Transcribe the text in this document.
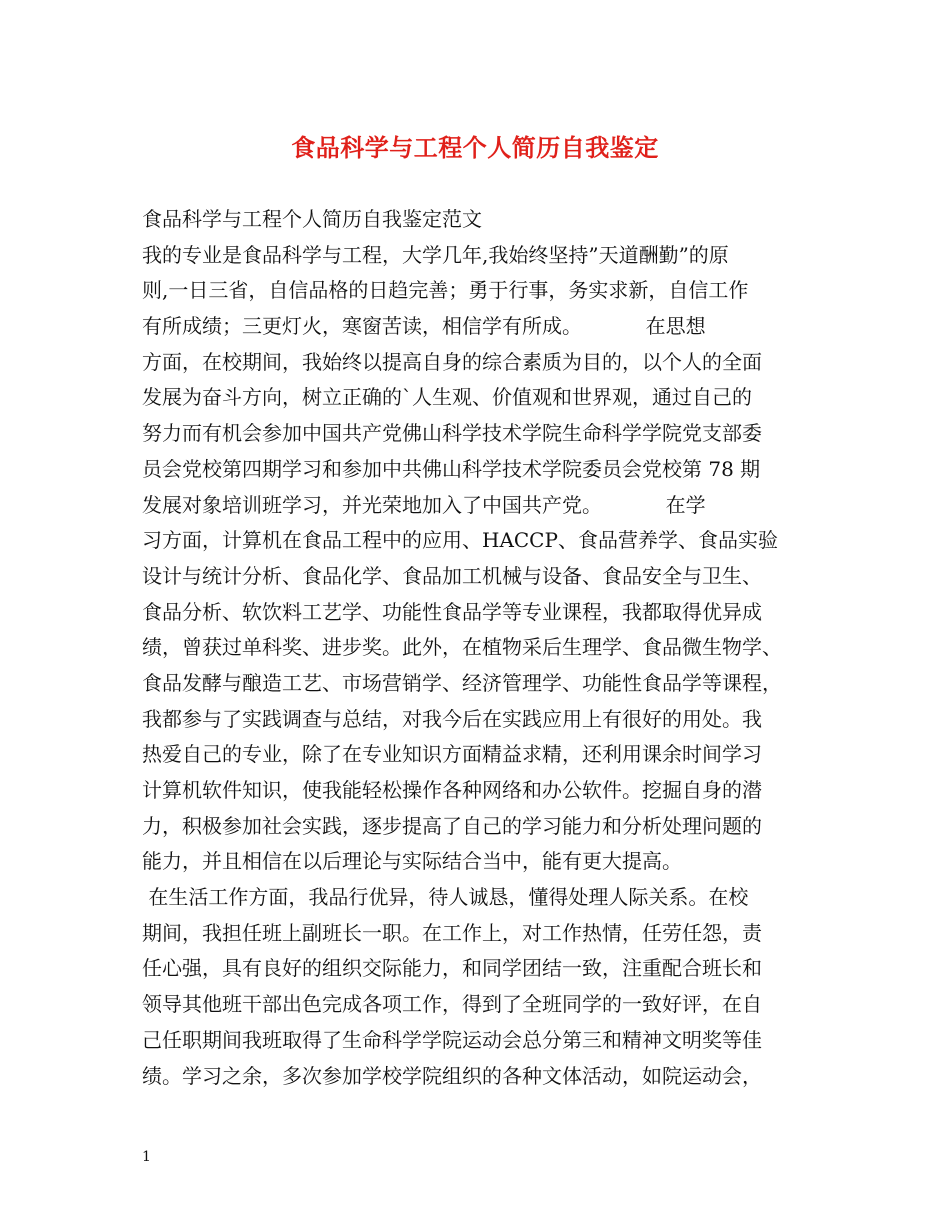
食品科学与工程个人简历自我鉴定
食品科学与工程个人简历自我鉴定范文
我的专业是食品科学与工程，大学几年,我始终坚持”天道酬勤”的原
则,一日三省，自信品格的日趋完善；勇于行事，务实求新，自信工作
有所成绩；三更灯火，寒窗苦读，相信学有所成。          在思想
方面，在校期间，我始终以提高自身的综合素质为目的，以个人的全面
发展为奋斗方向，树立正确的`人生观、价值观和世界观，通过自己的
努力而有机会参加中国共产党佛山科学技术学院生命科学学院党支部委
员会党校第四期学习和参加中共佛山科学技术学院委员会党校第 78 期
发展对象培训班学习，并光荣地加入了中国共产党。          在学
习方面，计算机在食品工程中的应用、HACCP、食品营养学、食品实验
设计与统计分析、食品化学、食品加工机械与设备、食品安全与卫生、
食品分析、软饮料工艺学、功能性食品学等专业课程，我都取得优异成
绩，曾获过单科奖、进步奖。此外，在植物采后生理学、食品微生物学、
食品发酵与酿造工艺、市场营销学、经济管理学、功能性食品学等课程，
我都参与了实践调查与总结，对我今后在实践应用上有很好的用处。我
热爱自己的专业，除了在专业知识方面精益求精，还利用课余时间学习
计算机软件知识，使我能轻松操作各种网络和办公软件。挖掘自身的潜
力，积极参加社会实践，逐步提高了自己的学习能力和分析处理问题的
能力，并且相信在以后理论与实际结合当中，能有更大提高。
在生活工作方面，我品行优异，待人诚恳，懂得处理人际关系。在校
期间，我担任班上副班长一职。在工作上，对工作热情，任劳任怨，责
任心强，具有良好的组织交际能力，和同学团结一致，注重配合班长和
领导其他班干部出色完成各项工作，得到了全班同学的一致好评，在自
己任职期间我班取得了生命科学学院运动会总分第三和精神文明奖等佳
绩。学习之余，多次参加学校学院组织的各种文体活动，如院运动会，
1
